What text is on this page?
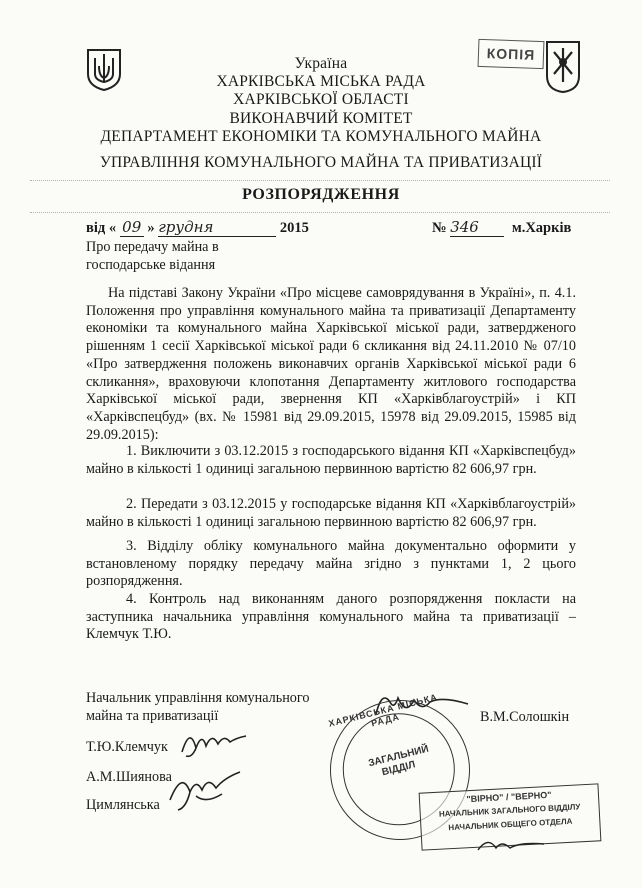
Україна
ХАРКІВСЬКА МІСЬКА РАДА
ХАРКІВСЬКОЇ ОБЛАСТІ
ВИКОНАВЧИЙ КОМІТЕТ
ДЕПАРТАМЕНТ ЕКОНОМІКИ ТА КОМУНАЛЬНОГО МАЙНА
КОПІЯ
УПРАВЛІННЯ КОМУНАЛЬНОГО МАЙНА ТА ПРИВАТИЗАЦІЇ
РОЗПОРЯДЖЕННЯ
від « 09 » грудня	2015	№ 346 м.Харків
Про передачу майна в
господарське відання

На підставі Закону України «Про місцеве самоврядування в Україні», п. 4.1. Положення про управління комунального майна та приватизації Департаменту економіки та комунального майна Харківської міської ради, затвердженого рішенням 1 сесії Харківської міської ради 6 скликання від 24.11.2010 № 07/10 «Про затвердження положень виконавчих органів Харківської міської ради 6 скликання», враховуючи клопотання Департаменту житлового господарства Харківської міської ради, звернення КП «Харківблагоустрій» і КП «Харківспецбуд» (вх. № 15981 від 29.09.2015, 15978 від 29.09.2015, 15985 від 29.09.2015):

1. Виключити з 03.12.2015 з господарського відання КП «Харківспецбуд» майно в кількості 1 одиниці загальною первинною вартістю 82 606,97 грн.

2. Передати з 03.12.2015 у господарське відання КП «Харківблагоустрій» майно в кількості 1 одиниці загальною первинною вартістю 82 606,97 грн.

3. Відділу обліку комунального майна документально оформити у встановленому порядку передачу майна згідно з пунктами 1, 2 цього розпорядження.

4. Контроль над виконанням даного розпорядження покласти на заступника начальника управління комунального майна та приватизації – Клемчук Т.Ю.

Начальник управління комунального
майна та приватизації	В.М.Солошкін
Т.Ю.Клемчук
А.М.Шиянова
Цимлянська
ХАРКІВСЬКА МІСЬКА РАДА
ЗАГАЛЬНИЙ ВІДДІЛ
"ВІРНО" / "ВЕРНО"
НАЧАЛЬНИК ЗАГАЛЬНОГО ВІДДІЛУ
НАЧАЛЬНИК ОБЩЕГО ОТДЕЛА
